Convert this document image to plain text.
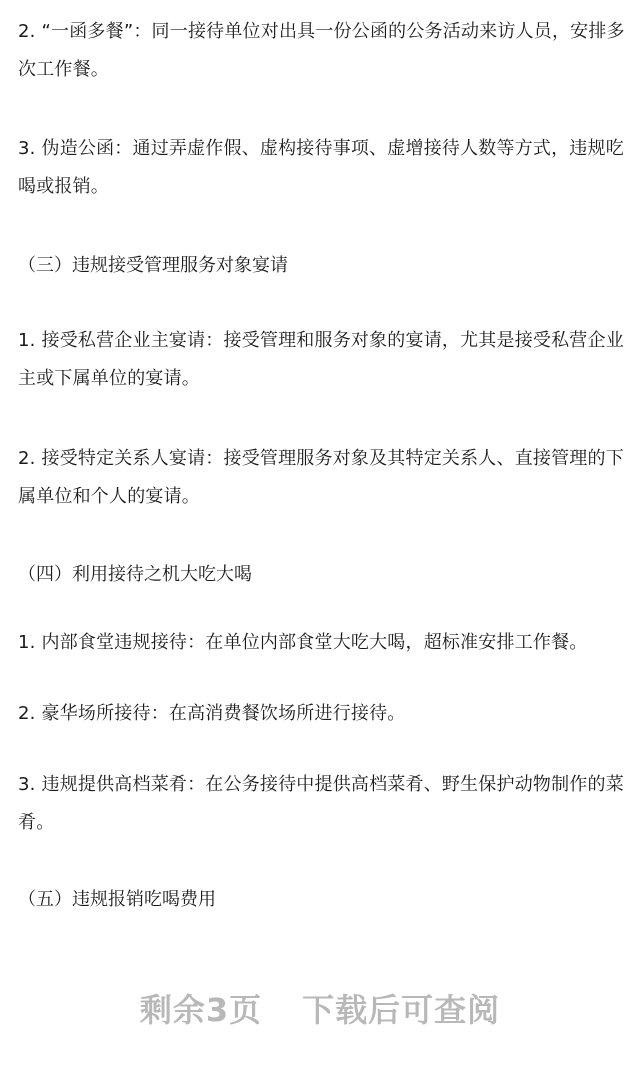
2. “一函多餐”：同一接待单位对出具一份公函的公务活动来访人员，安排多次工作餐。

3. 伪造公函：通过弄虚作假、虚构接待事项、虚增接待人数等方式，违规吃喝或报销。

（三）违规接受管理服务对象宴请

1. 接受私营企业主宴请：接受管理和服务对象的宴请，尤其是接受私营企业主或下属单位的宴请。

2. 接受特定关系人宴请：接受管理服务对象及其特定关系人、直接管理的下属单位和个人的宴请。

（四）利用接待之机大吃大喝

1. 内部食堂违规接待：在单位内部食堂大吃大喝，超标准安排工作餐。

2. 豪华场所接待：在高消费餐饮场所进行接待。

3. 违规提供高档菜肴：在公务接待中提供高档菜肴、野生保护动物制作的菜肴。

（五）违规报销吃喝费用

剩余3页 下载后可查阅
